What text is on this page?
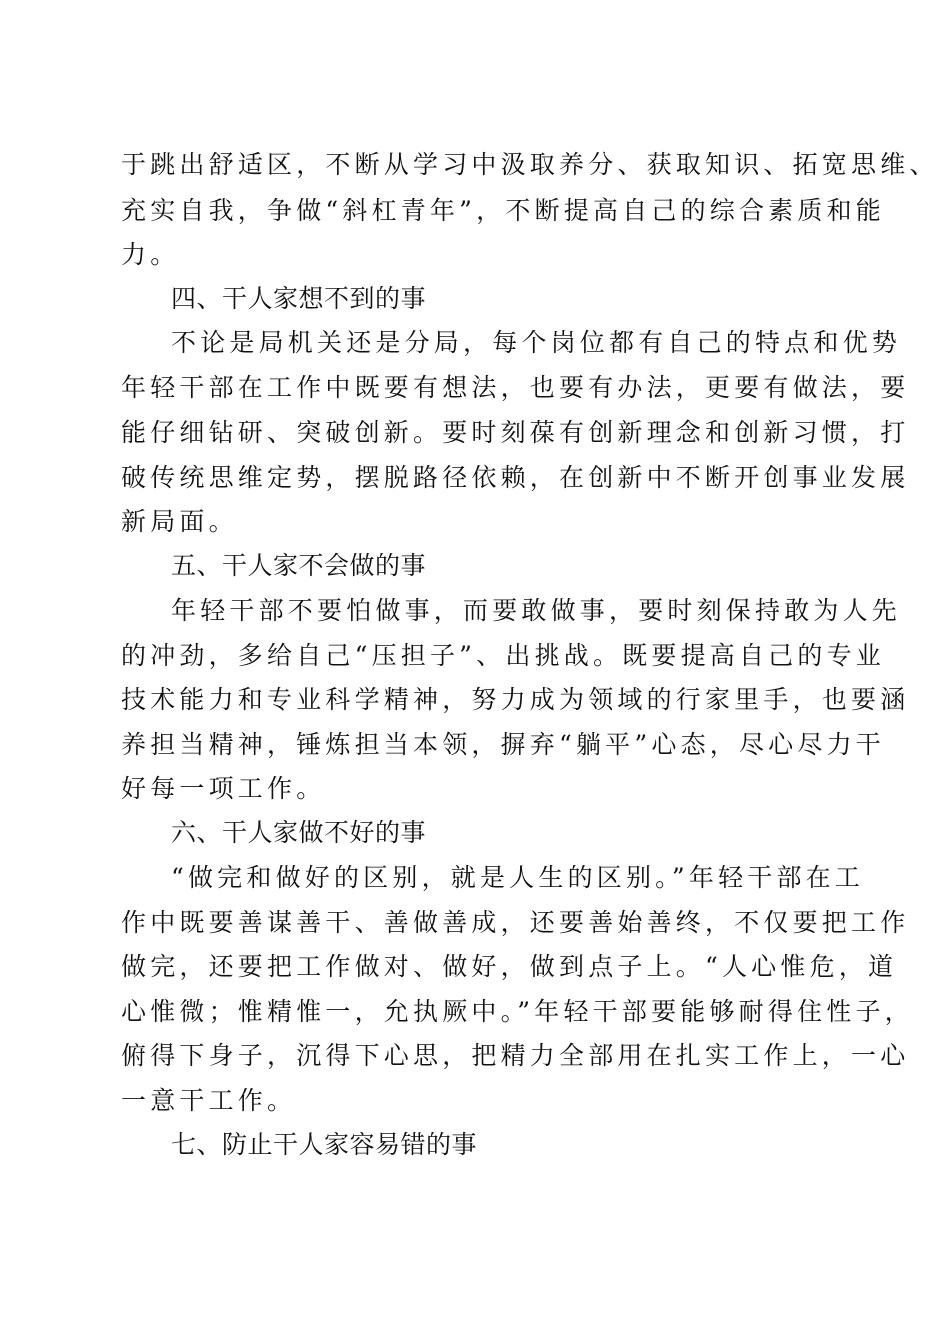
于跳出舒适区，不断从学习中汲取养分、获取知识、拓宽思维、
充实自我，争做“斜杠青年”，不断提高自己的综合素质和能
力。
四、干人家想不到的事
不论是局机关还是分局，每个岗位都有自己的特点和优势
年轻干部在工作中既要有想法，也要有办法，更要有做法，要
能仔细钻研、突破创新。要时刻葆有创新理念和创新习惯，打
破传统思维定势，摆脱路径依赖，在创新中不断开创事业发展
新局面。
五、干人家不会做的事
年轻干部不要怕做事，而要敢做事，要时刻保持敢为人先
的冲劲，多给自己“压担子”、出挑战。既要提高自己的专业
技术能力和专业科学精神，努力成为领域的行家里手，也要涵
养担当精神，锤炼担当本领，摒弃“躺平”心态，尽心尽力干
好每一项工作。
六、干人家做不好的事
“做完和做好的区别，就是人生的区别。”年轻干部在工
作中既要善谋善干、善做善成，还要善始善终，不仅要把工作
做完，还要把工作做对、做好，做到点子上。“人心惟危，道
心惟微；惟精惟一，允执厥中。”年轻干部要能够耐得住性子，
俯得下身子，沉得下心思，把精力全部用在扎实工作上，一心
一意干工作。
七、防止干人家容易错的事
